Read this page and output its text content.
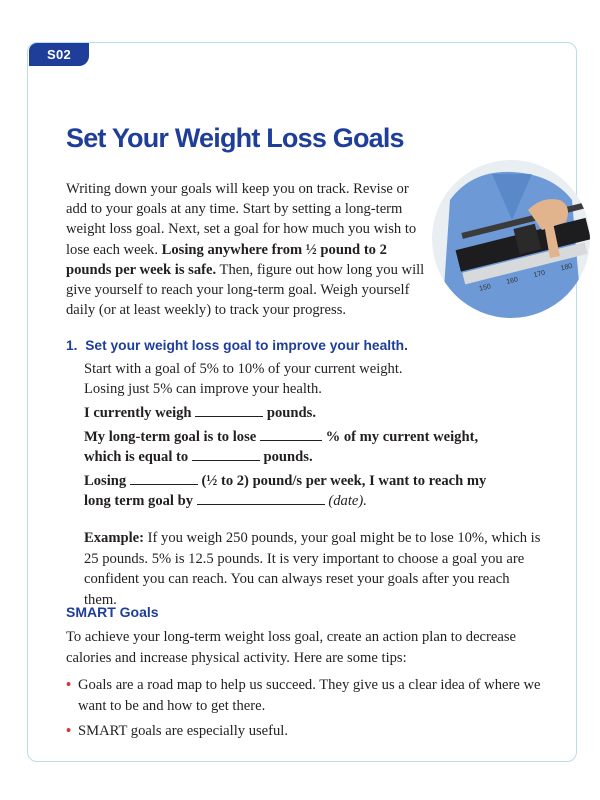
S02
Set Your Weight Loss Goals

Writing down your goals will keep you on track. Revise or add to your goals at any time. Start by setting a long-term weight loss goal. Next, set a goal for how much you wish to lose each week. Losing anywhere from ½ pound to 2 pounds per week is safe. Then, figure out how long you will give yourself to reach your long-term goal. Weigh yourself daily (or at least weekly) to track your progress.

150
160
170
180

1. Set your weight loss goal to improve your health.

Start with a goal of 5% to 10% of your current weight.

Losing just 5% can improve your health.

I currently weigh	pounds.

My long-term goal is to lose	% of my current weight,

which is equal to	pounds.

Losing	(½ to 2) pound/s per week, I want to reach my

long term goal by	(date).

Example: If you weigh 250 pounds, your goal might be to lose 10%, which is 25 pounds. 5% is 12.5 pounds. It is very important to choose a goal you are confident you can reach. You can always reset your goals after you reach them.

SMART Goals

To achieve your long-term weight loss goal, create an action plan to decrease calories and increase physical activity. Here are some tips:

• Goals are a road map to help us succeed. They give us a clear idea of where we want to be and how to get there.
• SMART goals are especially useful.
